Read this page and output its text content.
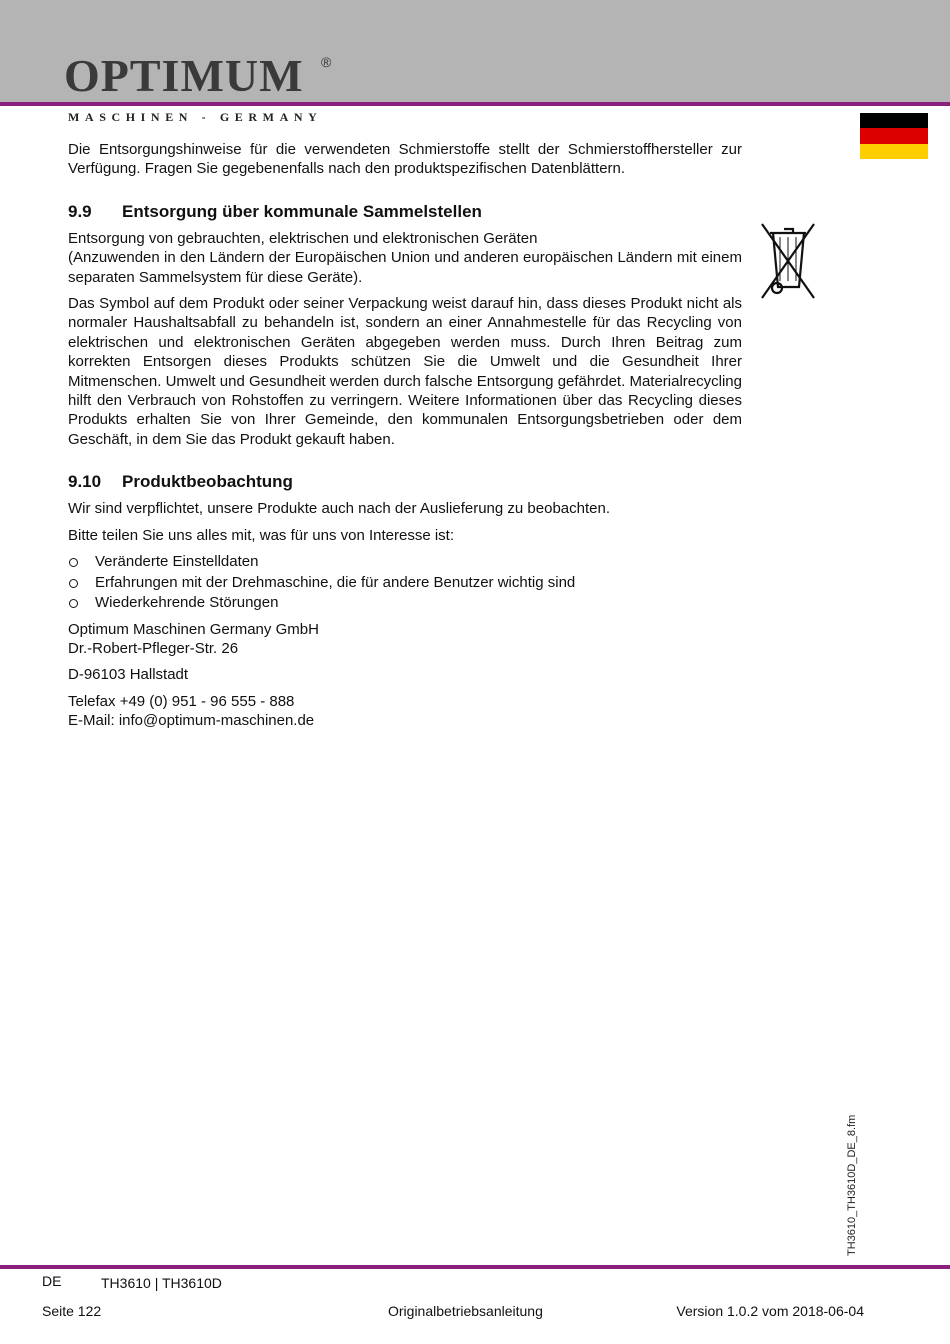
OPTIMUM ®
MASCHINEN - GERMANY

Die Entsorgungshinweise für die verwendeten Schmierstoffe stellt der Schmierstoffhersteller zur Verfügung. Fragen Sie gegebenenfalls nach den produktspezifischen Datenblättern.

9.9 Entsorgung über kommunale Sammelstellen

Entsorgung von gebrauchten, elektrischen und elektronischen Geräten

(Anzuwenden in den Ländern der Europäischen Union und anderen europäischen Ländern mit einem separaten Sammelsystem für diese Geräte).

Das Symbol auf dem Produkt oder seiner Verpackung weist darauf hin, dass dieses Produkt nicht als normaler Haushaltsabfall zu behandeln ist, sondern an einer Annahmestelle für das Recycling von elektrischen und elektronischen Geräten abgegeben werden muss. Durch Ihren Beitrag zum korrekten Entsorgen dieses Produkts schützen Sie die Umwelt und die Gesundheit Ihrer Mitmenschen. Umwelt und Gesundheit werden durch falsche Entsorgung gefährdet. Materialrecycling hilft den Verbrauch von Rohstoffen zu verringern. Weitere Informationen über das Recycling dieses Produkts erhalten Sie von Ihrer Gemeinde, den kommunalen Entsorgungsbetrieben oder dem Geschäft, in dem Sie das Produkt gekauft haben.

9.10 Produktbeobachtung

Wir sind verpflichtet, unsere Produkte auch nach der Auslieferung zu beobachten.

Bitte teilen Sie uns alles mit, was für uns von Interesse ist:

Veränderte Einstelldaten
Erfahrungen mit der Drehmaschine, die für andere Benutzer wichtig sind
Wiederkehrende Störungen

Optimum Maschinen Germany GmbH
Dr.-Robert-Pfleger-Str. 26

D-96103 Hallstadt

Telefax +49 (0) 951 - 96 555 - 888
E-Mail: info@optimum-maschinen.de

TH3610_TH3610D_DE_8.fm
DE	TH3610 | TH3610D
Seite 122	Originalbetriebsanleitung	Version 1.0.2 vom 2018-06-04
